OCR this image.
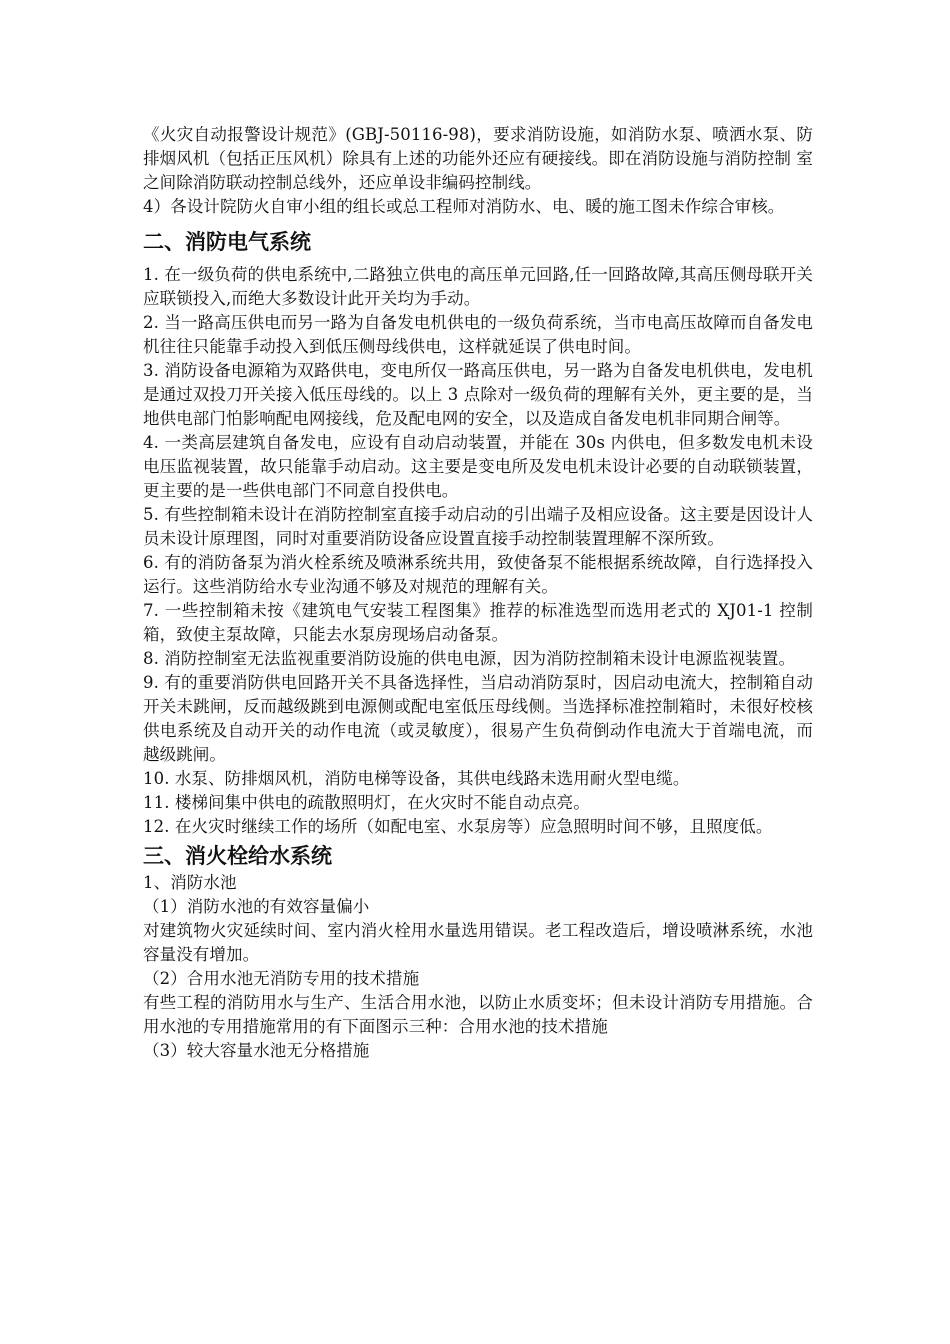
《火灾自动报警设计规范》(GBJ-50116-98)，要求消防设施，如消防水泵、喷洒水泵、防排烟风机（包括正压风机）除具有上述的功能外还应有硬接线。即在消防设施与消防控制 室之间除消防联动控制总线外，还应单设非编码控制线。

4）各设计院防火自审小组的组长或总工程师对消防水、电、暖的施工图未作综合审核。

二、消防电气系统

1. 在一级负荷的供电系统中,二路独立供电的高压单元回路,任一回路故障,其高压侧母联开关应联锁投入,而绝大多数设计此开关均为手动。

2. 当一路高压供电而另一路为自备发电机供电的一级负荷系统，当市电高压故障而自备发电机往往只能靠手动投入到低压侧母线供电，这样就延误了供电时间。

3. 消防设备电源箱为双路供电，变电所仅一路高压供电，另一路为自备发电机供电，发电机是通过双投刀开关接入低压母线的。以上 3 点除对一级负荷的理解有关外，更主要的是，当地供电部门怕影响配电网接线，危及配电网的安全，以及造成自备发电机非同期合闸等。

4. 一类高层建筑自备发电，应设有自动启动装置，并能在 30s 内供电，但多数发电机未设电压监视装置，故只能靠手动启动。这主要是变电所及发电机未设计必要的自动联锁装置，更主要的是一些供电部门不同意自投供电。

5. 有些控制箱未设计在消防控制室直接手动启动的引出端子及相应设备。这主要是因设计人员未设计原理图，同时对重要消防设备应设置直接手动控制装置理解不深所致。

6. 有的消防备泵为消火栓系统及喷淋系统共用，致使备泵不能根据系统故障，自行选择投入运行。这些消防给水专业沟通不够及对规范的理解有关。

7. 一些控制箱未按《建筑电气安装工程图集》推荐的标准选型而选用老式的 XJ01-1 控制箱，致使主泵故障，只能去水泵房现场启动备泵。

8. 消防控制室无法监视重要消防设施的供电电源，因为消防控制箱未设计电源监视装置。

9. 有的重要消防供电回路开关不具备选择性，当启动消防泵时，因启动电流大，控制箱自动开关未跳闸，反而越级跳到电源侧或配电室低压母线侧。当选择标准控制箱时，未很好校核供电系统及自动开关的动作电流（或灵敏度），很易产生负荷倒动作电流大于首端电流，而越级跳闸。

10. 水泵、防排烟风机，消防电梯等设备，其供电线路未选用耐火型电缆。

11. 楼梯间集中供电的疏散照明灯，在火灾时不能自动点亮。

12. 在火灾时继续工作的场所（如配电室、水泵房等）应急照明时间不够，且照度低。

三、消火栓给水系统

1、消防水池

（1）消防水池的有效容量偏小

对建筑物火灾延续时间、室内消火栓用水量选用错误。老工程改造后，增设喷淋系统，水池容量没有增加。

（2）合用水池无消防专用的技术措施

有些工程的消防用水与生产、生活合用水池，以防止水质变坏；但未设计消防专用措施。合用水池的专用措施常用的有下面图示三种：合用水池的技术措施

（3）较大容量水池无分格措施
